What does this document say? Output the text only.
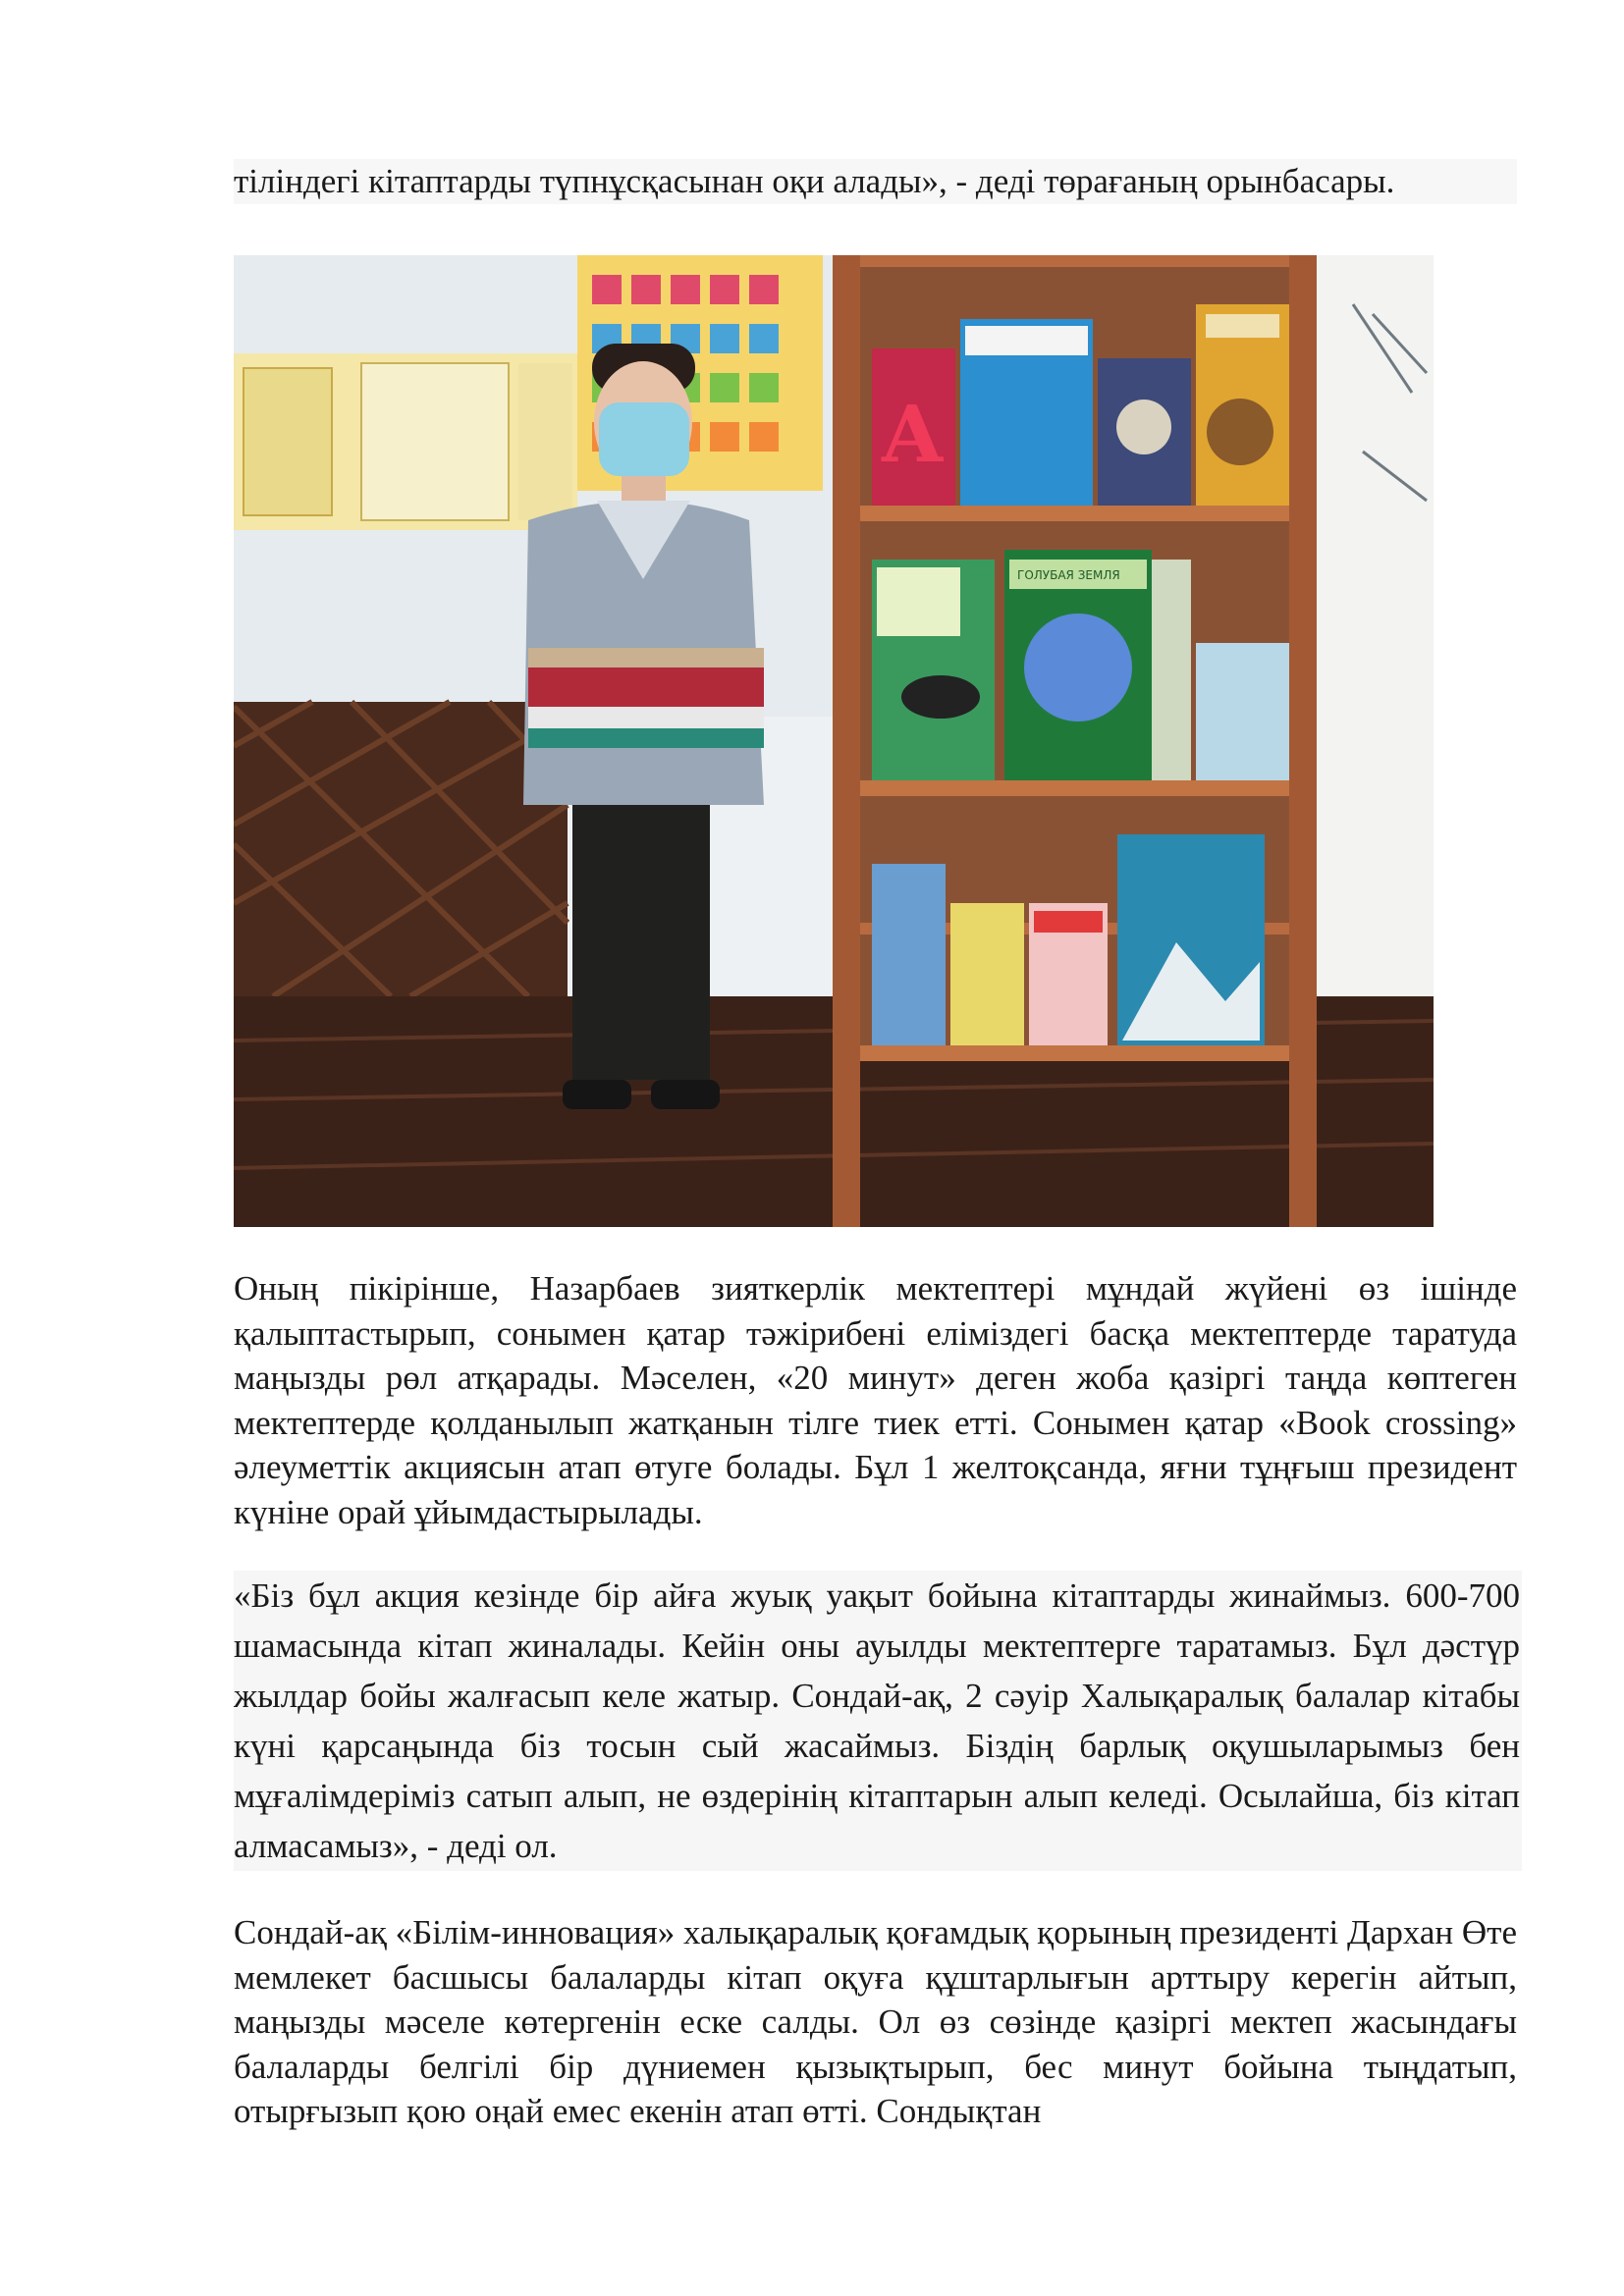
тіліндегі кітаптарды түпнұсқасынан оқи алады», - деді төрағаның орынбасары.

A
ГОЛУБАЯ ЗЕМЛЯ

Оның пікірінше, Назарбаев зияткерлік мектептері мұндай жүйені өз ішінде қалыптастырып, сонымен қатар тәжірибені еліміздегі басқа мектептерде таратуда маңызды рөл атқарады. Мәселен, «20 минут» деген жоба қазіргі таңда көптеген мектептерде қолданылып жатқанын тілге тиек етті. Сонымен қатар «Book crossing» әлеуметтік акциясын атап өтуге болады. Бұл 1 желтоқсанда, яғни тұңғыш президент күніне орай ұйымдастырылады.

«Біз бұл акция кезінде бір айға жуық уақыт бойына кітаптарды жинаймыз. 600-700 шамасында кітап жиналады. Кейін оны ауылды мектептерге таратамыз. Бұл дәстүр жылдар бойы жалғасып келе жатыр. Сондай-ақ, 2 сәуір Халықаралық балалар кітабы күні қарсаңында біз тосын сый жасаймыз. Біздің барлық оқушыларымыз бен мұғалімдеріміз сатып алып, не өздерінің кітаптарын алып келеді. Осылайша, біз кітап алмасамыз», - деді ол.

Сондай-ақ «Білім-инновация» халықаралық қоғамдық қорының президенті Дархан Өте мемлекет басшысы балаларды кітап оқуға құштарлығын арттыру керегін айтып, маңызды мәселе көтергенін еске салды. Ол өз сөзінде қазіргі мектеп жасындағы балаларды белгілі бір дүниемен қызықтырып, бес минут бойына тыңдатып, отырғызып қою оңай емес екенін атап өтті. Сондықтан
